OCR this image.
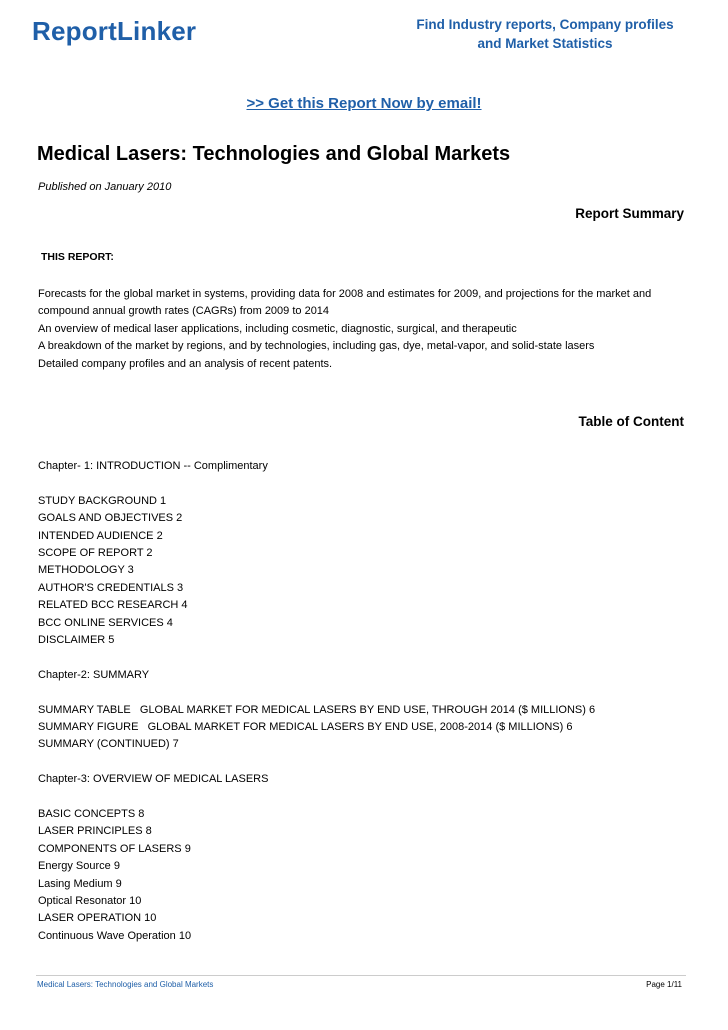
ReportLinker	Find Industry reports, Company profiles
and Market Statistics
>> Get this Report Now by email!
Medical Lasers: Technologies and Global Markets
Published on January 2010
Report Summary
THIS REPORT:
Forecasts for the global market in systems, providing data for 2008 and estimates for 2009, and projections for the market and
compound annual growth rates (CAGRs) from 2009 to 2014
An overview of medical laser applications, including cosmetic, diagnostic, surgical, and therapeutic
A breakdown of the market by regions, and by technologies, including gas, dye, metal-vapor, and solid-state lasers
Detailed company profiles and an analysis of recent patents.
Table of Content
Chapter- 1: INTRODUCTION -- Complimentary
STUDY BACKGROUND 1
GOALS AND OBJECTIVES 2
INTENDED AUDIENCE 2
SCOPE OF REPORT 2
METHODOLOGY 3
AUTHOR'S CREDENTIALS 3
RELATED BCC RESEARCH 4
BCC ONLINE SERVICES 4
DISCLAIMER 5
Chapter-2: SUMMARY
SUMMARY TABLE   GLOBAL MARKET FOR MEDICAL LASERS BY END USE, THROUGH 2014 ($ MILLIONS) 6
SUMMARY FIGURE   GLOBAL MARKET FOR MEDICAL LASERS BY END USE, 2008-2014 ($ MILLIONS) 6
SUMMARY (CONTINUED) 7
Chapter-3: OVERVIEW OF MEDICAL LASERS
BASIC CONCEPTS 8
LASER PRINCIPLES 8
COMPONENTS OF LASERS 9
Energy Source 9
Lasing Medium 9
Optical Resonator 10
LASER OPERATION 10
Continuous Wave Operation 10
Medical Lasers: Technologies and Global Markets	Page 1/11
